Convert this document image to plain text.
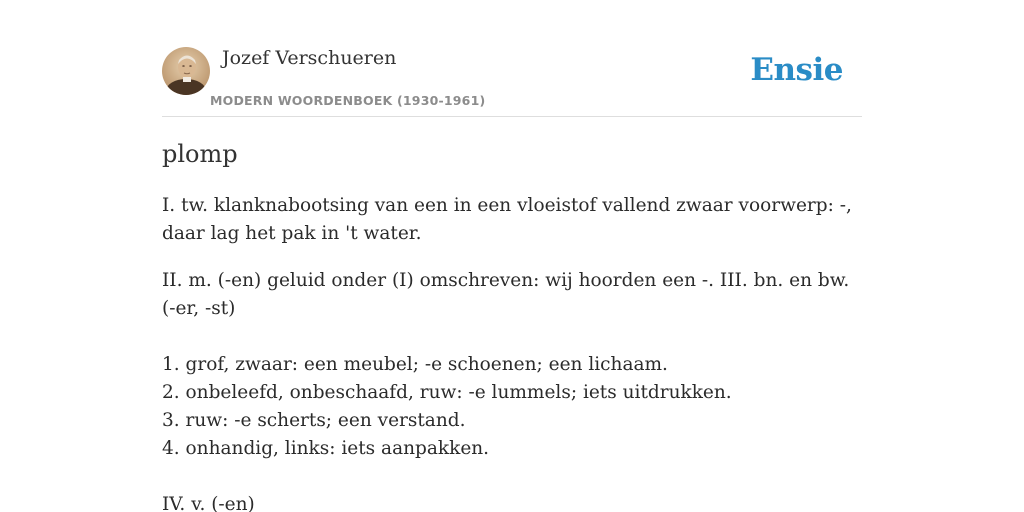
Jozef Verschueren
MODERN WOORDENBOEK (1930-1961)
Ensie
plomp

I. tw. klanknabootsing van een in een vloeistof vallend zwaar voorwerp: -, daar lag het pak in 't water.

II. m. (-en) geluid onder (I) omschreven: wij hoorden een -. III. bn. en bw. (-er, -st)

1. grof, zwaar: een meubel; -e schoenen; een lichaam.
2. onbeleefd, onbeschaafd, ruw: -e lummels; iets uitdrukken.
3. ruw: -e scherts; een verstand.
4. onhandig, links: iets aanpakken.

IV. v. (-en)
